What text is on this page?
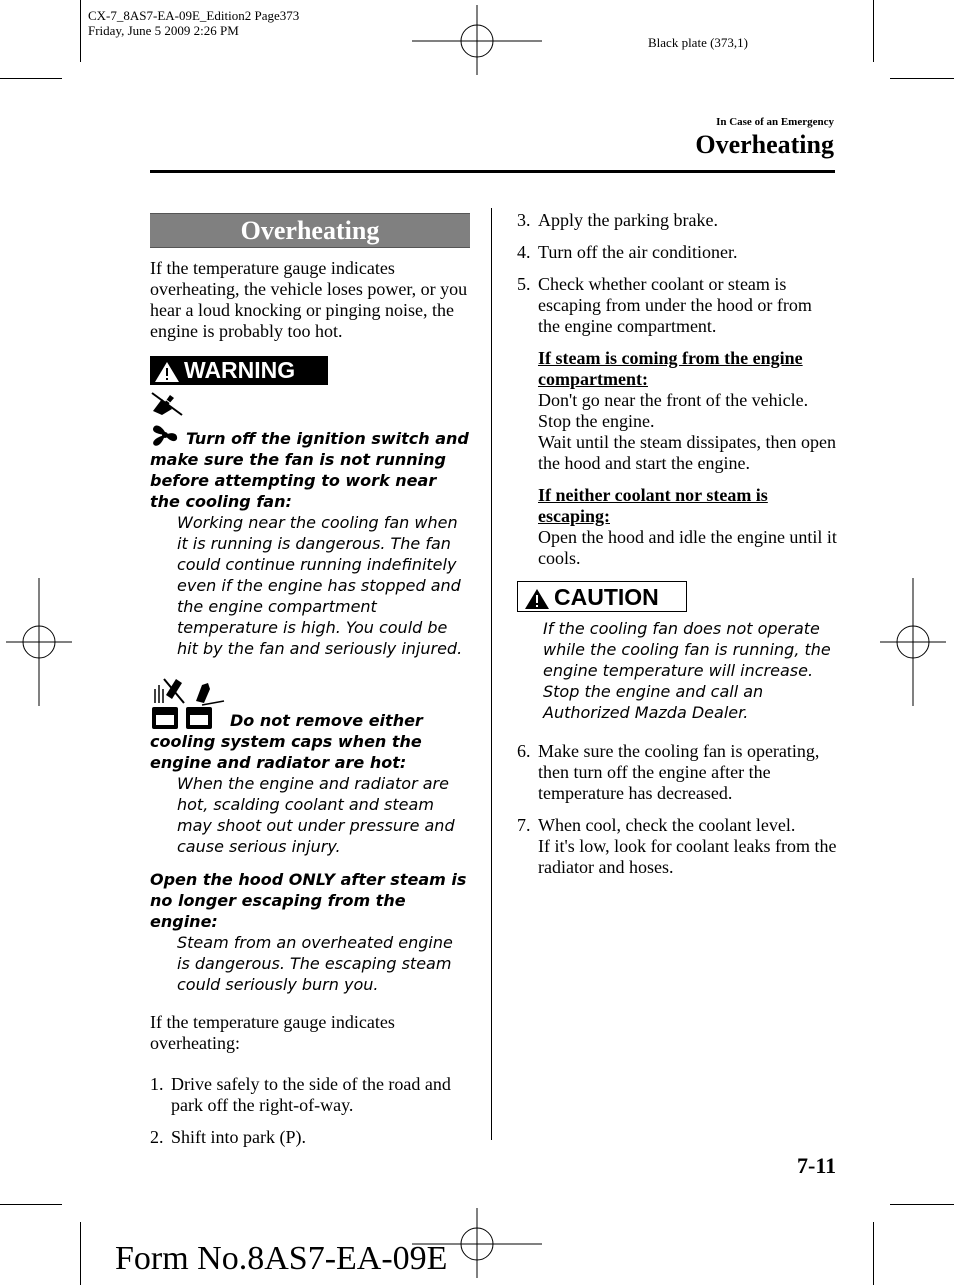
CX-7_8AS7-EA-09E_Edition2 Page373
Friday, June 5 2009 2:26 PM
Black plate (373,1)
In Case of an Emergency
Overheating
Overheating

If the temperature gauge indicates overheating, the vehicle loses power, or you hear a loud knocking or pinging noise, the engine is probably too hot.

WARNING
Turn off the ignition switch and make sure the fan is not running before attempting to work near the cooling fan:
Working near the cooling fan when it is running is dangerous. The fan could continue running indefinitely even if the engine has stopped and the engine compartment temperature is high. You could be hit by the fan and seriously injured.
Do not remove either cooling system caps when the engine and radiator are hot:
When the engine and radiator are hot, scalding coolant and steam may shoot out under pressure and cause serious injury.
Open the hood ONLY after steam is no longer escaping from the engine:
Steam from an overheated engine is dangerous. The escaping steam could seriously burn you.

If the temperature gauge indicates overheating:

1. Drive safely to the side of the road and park off the right-of-way.
2. Shift into park (P).
3. Apply the parking brake.
4. Turn off the air conditioner.
5. Check whether coolant or steam is escaping from under the hood or from the engine compartment.
If steam is coming from the engine compartment:
Don't go near the front of the vehicle.
Stop the engine.
Wait until the steam dissipates, then open the hood and start the engine.
If neither coolant nor steam is escaping:
Open the hood and idle the engine until it cools.
CAUTION
If the cooling fan does not operate while the cooling fan is running, the engine temperature will increase. Stop the engine and call an Authorized Mazda Dealer.
6. Make sure the cooling fan is operating, then turn off the engine after the temperature has decreased.
7. When cool, check the coolant level.
If it's low, look for coolant leaks from the radiator and hoses.
7-11
Form No.8AS7-EA-09E
